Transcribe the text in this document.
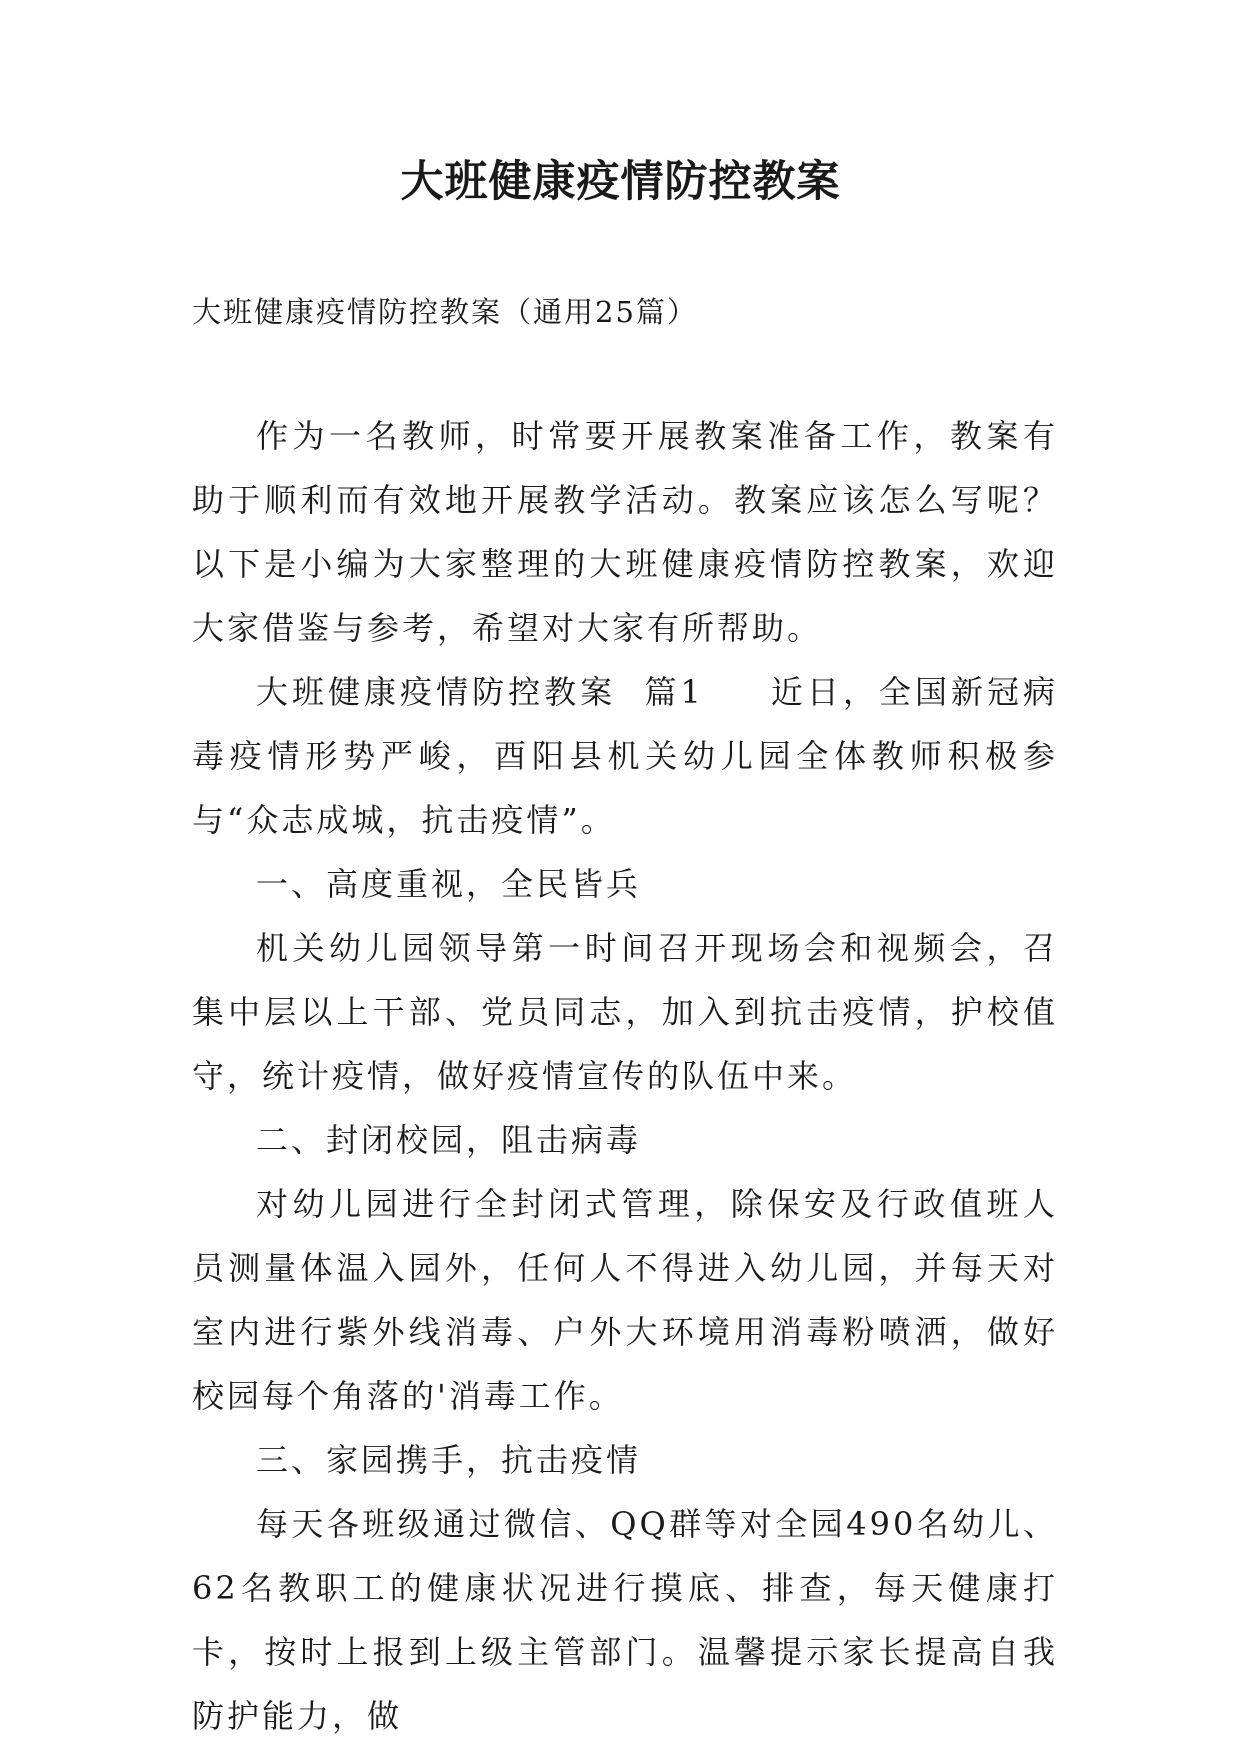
大班健康疫情防控教案

大班健康疫情防控教案（通用25篇）

作为一名教师，时常要开展教案准备工作，教案有助于顺利而有效地开展教学活动。教案应该怎么写呢？以下是小编为大家整理的大班健康疫情防控教案，欢迎大家借鉴与参考，希望对大家有所帮助。

大班健康疫情防控教案  篇1 近日，全国新冠病毒疫情形势严峻，酉阳县机关幼儿园全体教师积极参与“众志成城，抗击疫情”。

一、高度重视，全民皆兵

机关幼儿园领导第一时间召开现场会和视频会，召集中层以上干部、党员同志，加入到抗击疫情，护校值守，统计疫情，做好疫情宣传的队伍中来。

二、封闭校园，阻击病毒

对幼儿园进行全封闭式管理，除保安及行政值班人员测量体温入园外，任何人不得进入幼儿园，并每天对室内进行紫外线消毒、户外大环境用消毒粉喷洒，做好校园每个角落的'消毒工作。

三、家园携手，抗击疫情

每天各班级通过微信、QQ群等对全园490名幼儿、62名教职工的健康状况进行摸底、排查，每天健康打卡，按时上报到上级主管部门。温馨提示家长提高自我防护能力，做
